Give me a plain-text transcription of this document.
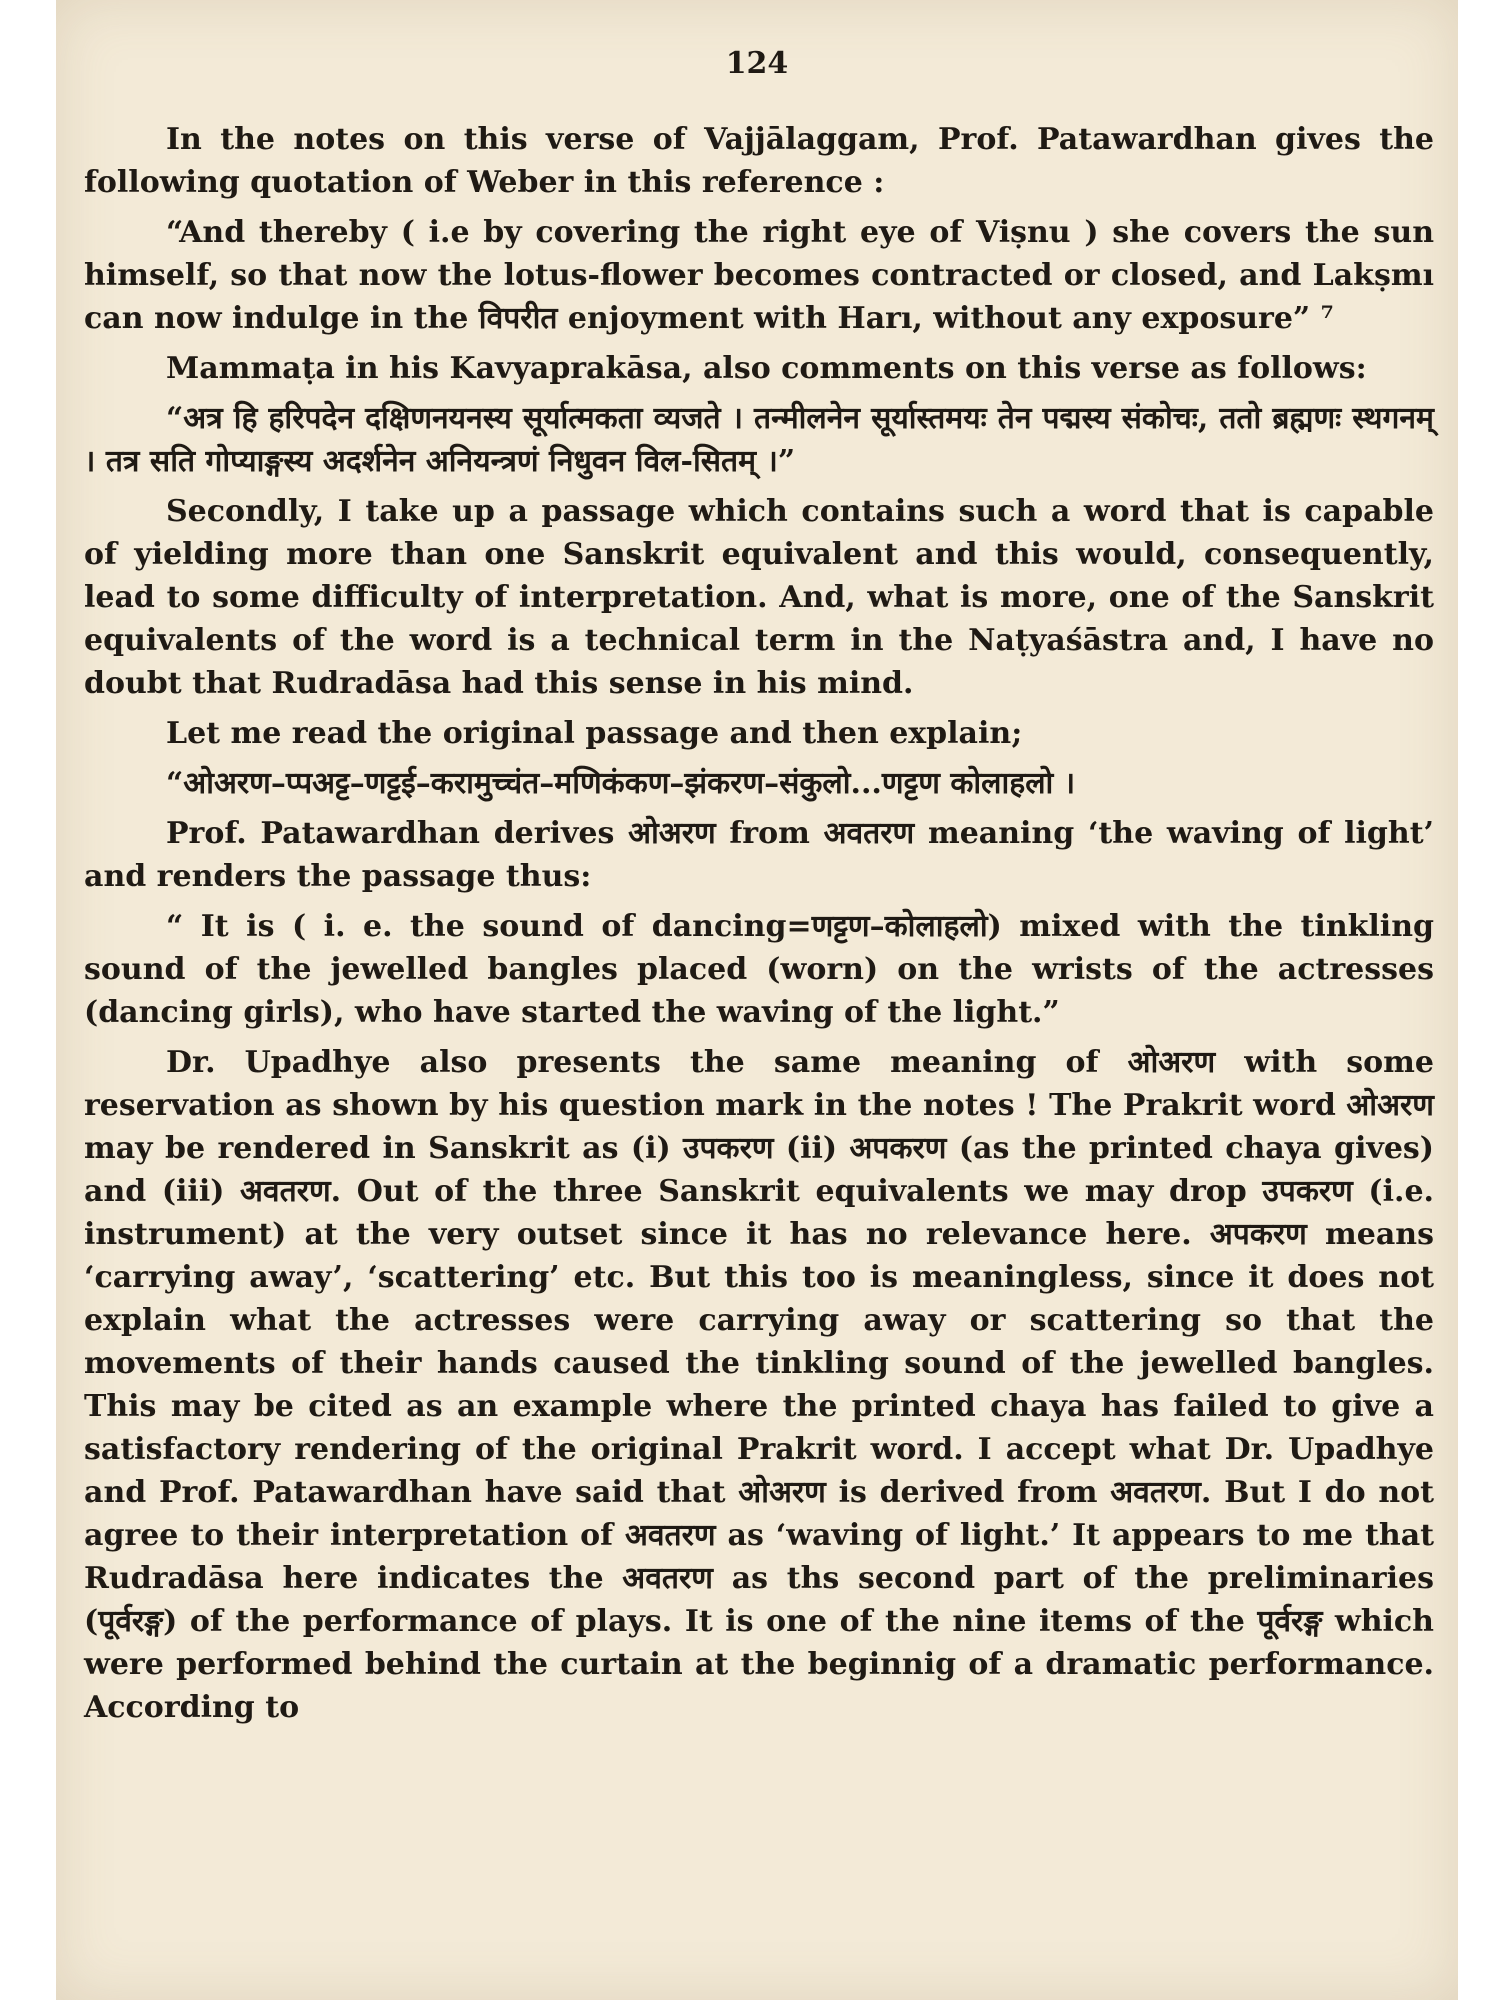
124

In the notes on this verse of Vajjālaggam, Prof. Patawardhan gives the following quotation of Weber in this reference :

“And thereby ( i.e by covering the right eye of Viṣnu ) she covers the sun himself, so that now the lotus-flower becomes contracted or closed, and Lakṣmı can now indulge in the विपरीत enjoyment with Harı, without any exposure” ⁷

Mammaṭa in his Kavyaprakāsa, also comments on this verse as follows:

“अत्र हि हरिपदेन दक्षिणनयनस्य सूर्यात्मकता व्यजते । तन्मीलनेन सूर्यास्तमयः तेन पद्मस्य संकोचः, ततो ब्रह्मणः स्थगनम् । तत्र सति गोप्याङ्गस्य अदर्शनेन अनियन्त्रणं निधुवन विल-सितम् ।”

Secondly, I take up a passage which contains such a word that is capable of yielding more than one Sanskrit equivalent and this would, consequently, lead to some difficulty of interpretation. And, what is more, one of the Sanskrit equivalents of the word is a technical term in the Naṭyaśāstra and, I have no doubt that Rudradāsa had this sense in his mind.

Let me read the original passage and then explain;

“ओअरण–प्पअट्ट–णट्टई–करामुच्चंत–मणिकंकण–झंकरण–संकुलो...णट्टण कोलाहलो ।

Prof. Patawardhan derives ओअरण from अवतरण meaning ‘the waving of light’ and renders the passage thus:

“ It is ( i. e. the sound of dancing=णट्टण–कोलाहलो) mixed with the tinkling sound of the jewelled bangles placed (worn) on the wrists of the actresses (dancing girls), who have started the waving of the light.”

Dr. Upadhye also presents the same meaning of ओअरण with some reservation as shown by his question mark in the notes ! The Prakrit word ओअरण may be rendered in Sanskrit as (i) उपकरण (ii) अपकरण (as the printed chaya gives) and (iii) अवतरण. Out of the three Sanskrit equivalents we may drop उपकरण (i.e. instrument) at the very outset since it has no relevance here. अपकरण means ‘carrying away’, ‘scattering’ etc. But this too is meaningless, since it does not explain what the actresses were carrying away or scattering so that the movements of their hands caused the tinkling sound of the jewelled bangles. This may be cited as an example where the printed chaya has failed to give a satisfactory rendering of the original Prakrit word. I accept what Dr. Upadhye and Prof. Patawardhan have said that ओअरण is derived from अवतरण. But I do not agree to their interpretation of अवतरण as ‘waving of light.’ It appears to me that Rudradāsa here indicates the अवतरण as ths second part of the preliminaries (पूर्वरङ्ग) of the performance of plays. It is one of the nine items of the पूर्वरङ्ग which were performed behind the curtain at the beginnig of a dramatic performance. According to
